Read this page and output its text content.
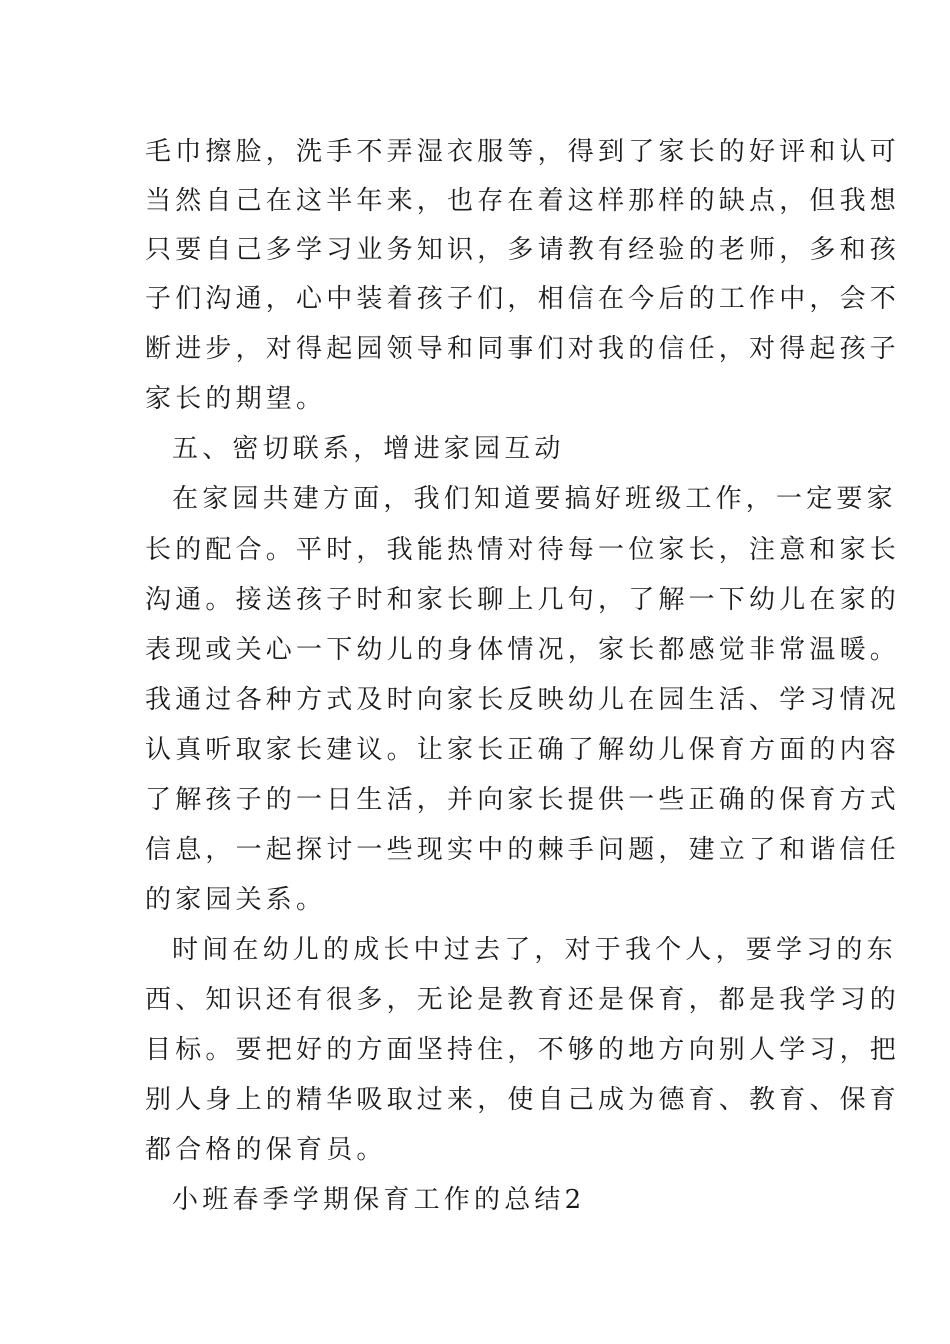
毛巾擦脸，洗手不弄湿衣服等，得到了家长的好评和认可
当然自己在这半年来，也存在着这样那样的缺点，但我想
只要自己多学习业务知识，多请教有经验的老师，多和孩
子们沟通，心中装着孩子们，相信在今后的工作中，会不
断进步，对得起园领导和同事们对我的信任，对得起孩子
家长的期望。
五、密切联系，增进家园互动
在家园共建方面，我们知道要搞好班级工作，一定要家
长的配合。平时，我能热情对待每一位家长，注意和家长
沟通。接送孩子时和家长聊上几句，了解一下幼儿在家的
表现或关心一下幼儿的身体情况，家长都感觉非常温暖。
我通过各种方式及时向家长反映幼儿在园生活、学习情况
认真听取家长建议。让家长正确了解幼儿保育方面的内容
了解孩子的一日生活，并向家长提供一些正确的保育方式
信息，一起探讨一些现实中的棘手问题，建立了和谐信任
的家园关系。
时间在幼儿的成长中过去了，对于我个人，要学习的东
西、知识还有很多，无论是教育还是保育，都是我学习的
目标。要把好的方面坚持住，不够的地方向别人学习，把
别人身上的精华吸取过来，使自己成为德育、教育、保育
都合格的保育员。
小班春季学期保育工作的总结2
